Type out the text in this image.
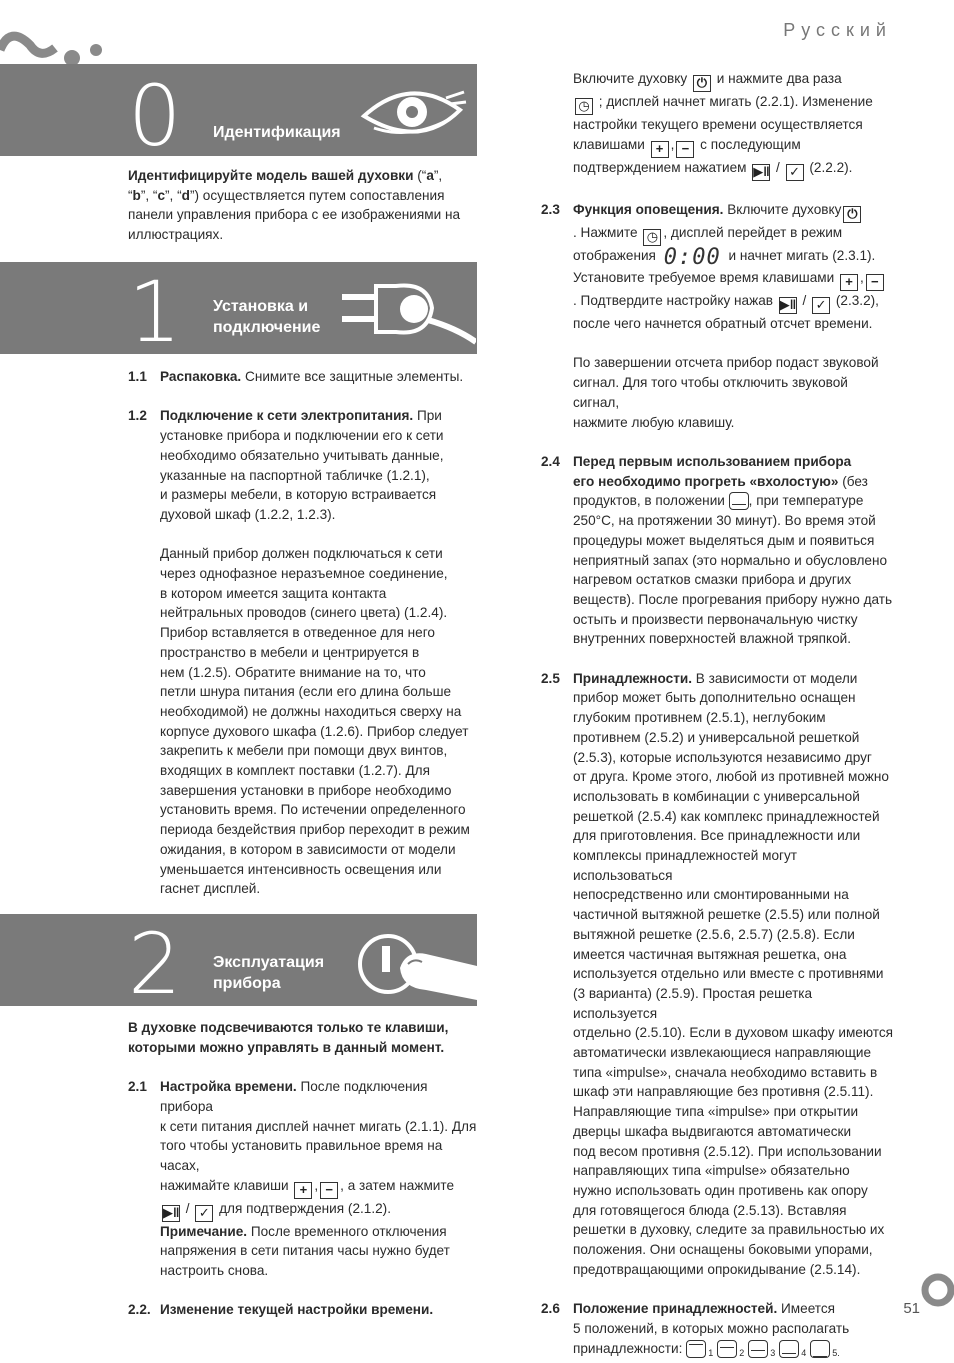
Русский
0 Идентификация

Идентифицируйте модель вашей духовки (“a”,

“b”, “c”, “d”) осуществляется путем сопоставления

панели управления прибора с ее изображениями на

иллюстрациях.

1 Установка и
подключение
1.1 Распаковка. Снимите все защитные элементы.

1.2 Подключение к сети электропитания. При

установке прибора и подключении его к сети

необходимо обязательно учитывать данные,

указанные на паспортной табличке (1.2.1),

и размеры мебели, в которую встраивается

духовой шкаф (1.2.2, 1.2.3).

Данный прибор должен подключаться к сети

через однофазное неразъемное соединение,

в котором имеется защита контакта

нейтральных проводов (синего цвета) (1.2.4).

Прибор вставляется в отведенное для него

пространство в мебели и центрируется в

нем (1.2.5). Обратите внимание на то, что

петли шнура питания (если его длина больше

необходимой) не должны находиться сверху на

корпусе духового шкафа (1.2.6). Прибор следует

закрепить к мебели при помощи двух винтов,

входящих в комплект поставки (1.2.7). Для

завершения установки в приборе необходимо

установить время. По истечении определенного

периода бездействия прибор переходит в режим

ожидания, в котором в зависимости от модели

уменьшается интенсивность освещения или

гаснет дисплей.

2 Эксплуатация
прибора

В духовке подсвечиваются только те клавиши,

которыми можно управлять в данный момент.

2.1 Настройка времени. После подключения прибора

к сети питания дисплей начнет мигать (2.1.1). Для

того чтобы установить правильное время на часах,

нажимайте клавиши + , − , а затем нажмите

▶‖ / ✓ для подтверждения (2.1.2).

Примечание. После временного отключения

напряжения в сети питания часы нужно будет

настроить снова.

2.2. Изменение текущей настройки времени.

Включите духовку ⏻ и нажмите два раза

◷ ; дисплей начнет мигать (2.2.1). Изменение

настройки текущего времени осуществляется

клавишами + , − с последующим

подтверждением нажатием ▶‖ / ✓ (2.2.2).

2.3 Функция оповещения. Включите духовку ⏻

. Нажмите ◷ , дисплей перейдет в режим

отображения 0:00 и начнет мигать (2.3.1).

Установите требуемое время клавишами + , −

. Подтвердите настройку нажав ▶‖ / ✓ (2.3.2),

после чего начнется обратный отсчет времени.

По завершении отсчета прибор подаст звуковой

сигнал. Для того чтобы отключить звуковой сигнал,

нажмите любую клавишу.

2.4 Перед первым использованием прибора

его необходимо прогреть «вхолостую» (без

продуктов, в положении
, при температуре

250°C, на протяжении 30 минут). Во время этой

процедуры может выделяться дым и появиться

неприятный запах (это нормально и обусловлено

нагревом остатков смазки прибора и других

веществ). После прогревания прибору нужно дать

остыть и произвести первоначальную чистку

внутренних поверхностей влажной тряпкой.

2.5 Принадлежности. В зависимости от модели

прибор может быть дополнительно оснащен

глубоким противнем (2.5.1), неглубоким

противнем (2.5.2) и универсальной решеткой

(2.5.3), которые используются независимо друг

от друга. Кроме этого, любой из противней можно

использовать в комбинации с универсальной

решеткой (2.5.4) как комплекс принадлежностей

для приготовления. Все принадлежности или

комплексы принадлежностей могут использоваться

непосредственно или смонтированными на

частичной вытяжной решетке (2.5.5) или полной

вытяжной решетке (2.5.6, 2.5.7) (2.5.8). Если

имеется частичная вытяжная решетка, она

используется отдельно или вместе с противнями

(3 варианта) (2.5.9). Простая решетка используется

отдельно (2.5.10). Если в духовом шкафу имеются

автоматически извлекающиеся направляющие

типа «impulse», сначала необходимо вставить в

шкаф эти направляющие без противня (2.5.11).

Направляющие типа «impulse» при открытии

дверцы шкафа выдвигаются автоматически

под весом противня (2.5.12). При использовании

направляющих типа «impulse» обязательно

нужно использовать один противень как опору

для готовящегося блюда (2.5.13). Вставляя

решетки в духовку, следите за правильностью их

положения. Они оснащены боковыми упорами,

предотвращающими опрокидывание (2.5.14).

2.6 Положение принадлежностей. Имеется

5 положений, в которых можно располагать

принадлежности:
$_1$	$_2$	$_3$	$_4$	$_{5.}$

51
